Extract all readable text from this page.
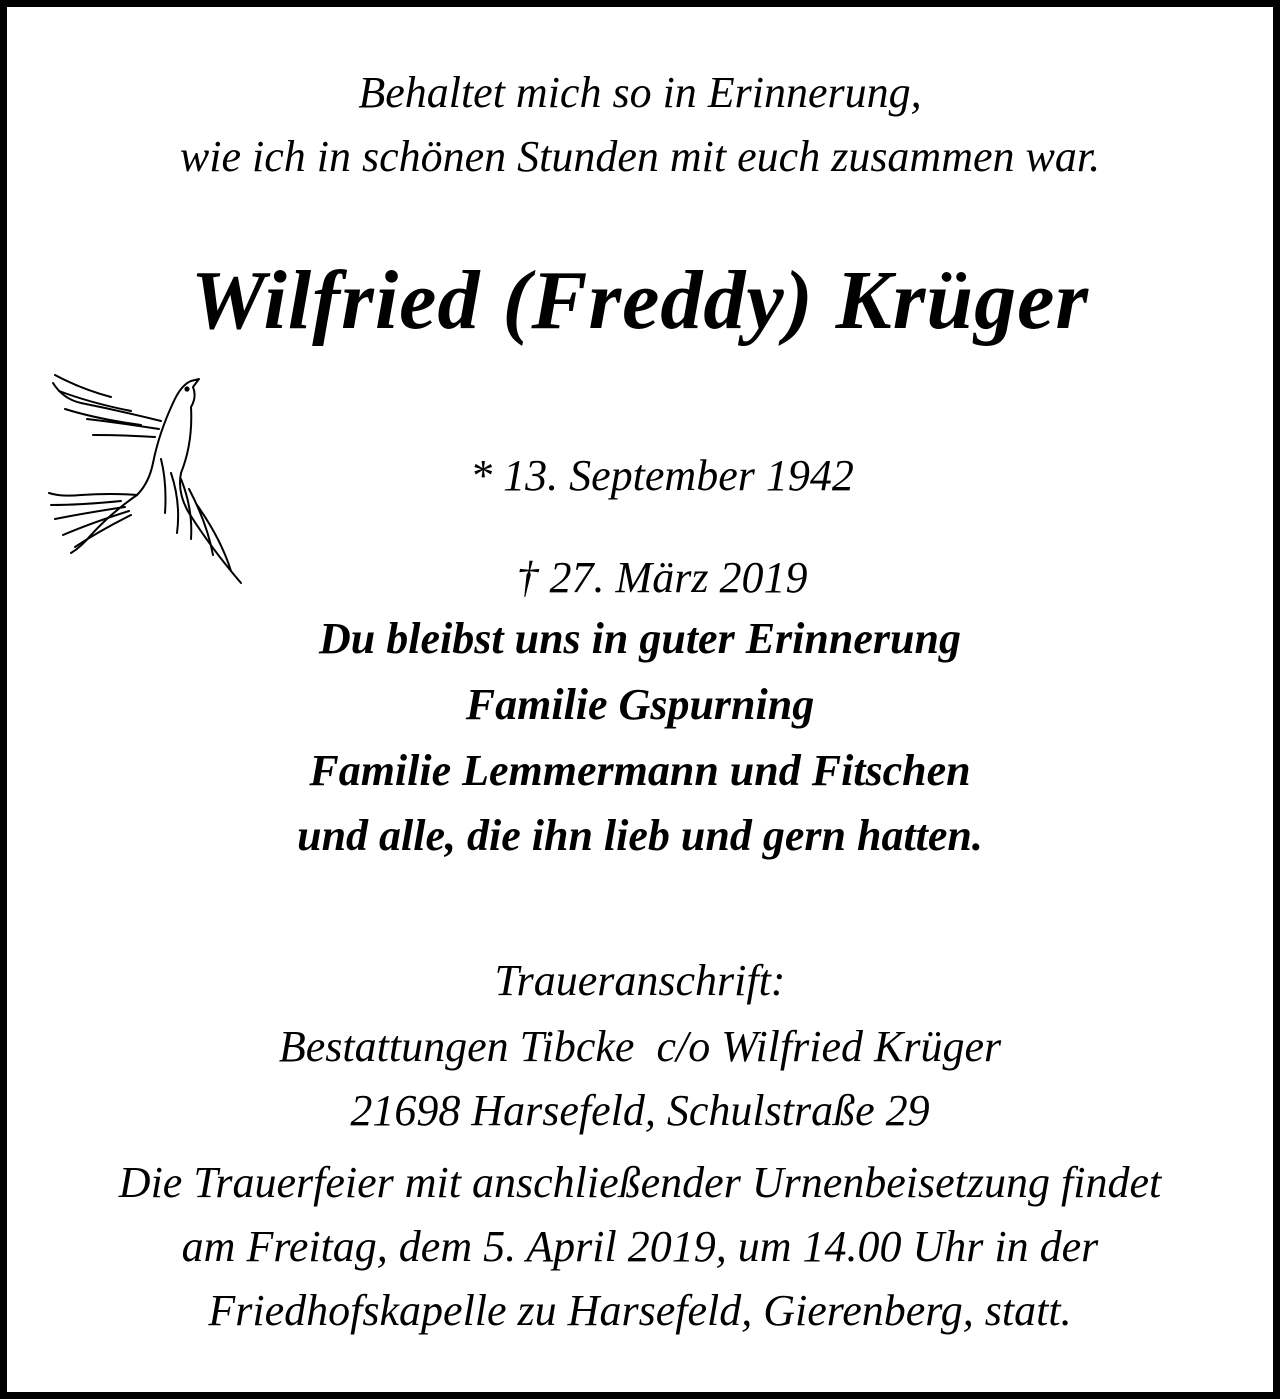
Behaltet mich so in Erinnerung,
wie ich in schönen Stunden mit euch zusammen war.
Wilfried (Freddy) Krüger

* 13. September 1942

† 27. März 2019

Du bleibst uns in guter Erinnerung
Familie Gspurning
Familie Lemmermann und Fitschen
und alle, die ihn lieb und gern hatten.
Traueranschrift:
Bestattungen Tibcke  c/o Wilfried Krüger
21698 Harsefeld, Schulstraße 29
Die Trauerfeier mit anschließender Urnenbeisetzung findet
am Freitag, dem 5. April 2019, um 14.00 Uhr in der
Friedhofskapelle zu Harsefeld, Gierenberg, statt.
